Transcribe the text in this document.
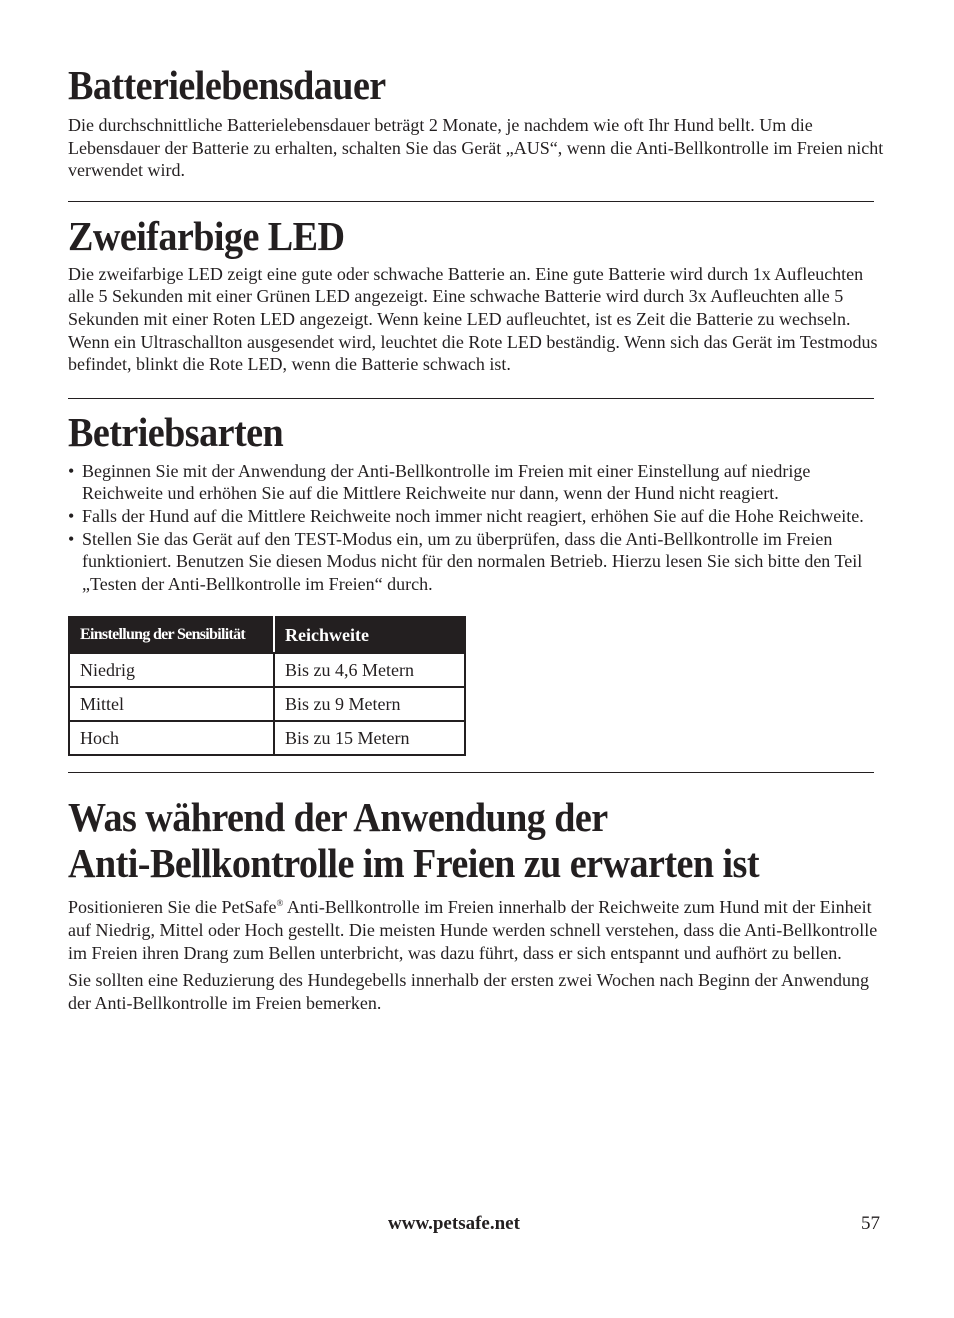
Batterielebensdauer

Die durchschnittliche Batterielebensdauer beträgt 2 Monate, je nachdem wie oft Ihr Hund bellt. Um die Lebensdauer der Batterie zu erhalten, schalten Sie das Gerät „AUS“, wenn die Anti-Bellkontrolle im Freien nicht verwendet wird.

Zweifarbige LED

Die zweifarbige LED zeigt eine gute oder schwache Batterie an. Eine gute Batterie wird durch 1x Aufleuchten alle 5 Sekunden mit einer Grünen LED angezeigt. Eine schwache Batterie wird durch 3x Aufleuchten alle 5 Sekunden mit einer Roten LED angezeigt. Wenn keine LED aufleuchtet, ist es Zeit die Batterie zu wechseln. Wenn ein Ultraschallton ausgesendet wird, leuchtet die Rote LED beständig. Wenn sich das Gerät im Testmodus befindet, blinkt die Rote LED, wenn die Batterie schwach ist.

Betriebsarten
• Beginnen Sie mit der Anwendung der Anti-Bellkontrolle im Freien mit einer Einstellung auf niedrige Reichweite und erhöhen Sie auf die Mittlere Reichweite nur dann, wenn der Hund nicht reagiert.
• Falls der Hund auf die Mittlere Reichweite noch immer nicht reagiert, erhöhen Sie auf die Hohe Reichweite.
• Stellen Sie das Gerät auf den TEST-Modus ein, um zu überprüfen, dass die Anti-Bellkontrolle im Freien funktioniert. Benutzen Sie diesen Modus nicht für den normalen Betrieb. Hierzu lesen Sie sich bitte den Teil „Testen der Anti-Bellkontrolle im Freien“ durch.
Einstellung der Sensibilität	Reichweite
Niedrig	Bis zu 4,6 Metern
Mittel	Bis zu 9 Metern
Hoch	Bis zu 15 Metern
Was während der Anwendung der
Anti-Bellkontrolle im Freien zu erwarten ist

Positionieren Sie die PetSafe® Anti-Bellkontrolle im Freien innerhalb der Reichweite zum Hund mit der Einheit auf Niedrig, Mittel oder Hoch gestellt. Die meisten Hunde werden schnell verstehen, dass die Anti-Bellkontrolle im Freien ihren Drang zum Bellen unterbricht, was dazu führt, dass er sich entspannt und aufhört zu bellen.

Sie sollten eine Reduzierung des Hundegebells innerhalb der ersten zwei Wochen nach Beginn der Anwendung der Anti-Bellkontrolle im Freien bemerken.

www.petsafe.net	57
